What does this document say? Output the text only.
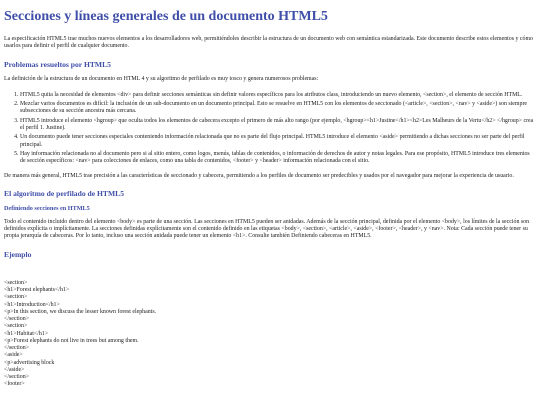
Secciones y líneas generales de un documento HTML5

La especificación HTML5 trae muchos nuevos elementos a los desarrolladores web, permitiéndoles describir la estructura de un documento web con semántica estandarizada. Este documento describe estos elementos y cómo usarlos para definir el perfil de cualquier documento.

Problemas resueltos por HTML5

La definición de la estructura de un documento en HTML 4 y su algoritmo de perfilado es muy tosco y genera numerosos problemas:

1. HTML5 quita la necesidad de elementos <div> para definir secciones semánticas sin definir valores específicos para los atributos class, introduciendo un nuevo elemento, <section>, el elemento de sección HTML.
2. Mezclar varios documentos es difícil: la inclusión de un sub-documento en un documento principal. Esto se resuelve en HTML5 con los elementos de seccionado (<article>, <section>, <nav> y <aside>) son siempre subsecciones de su sección ancestra más cercana.
3. HTML5 introduce el elemento <hgroup> que oculta todos los elementos de cabecera excepto el primero de más alto rango (por ejemplo, <hgroup><h1>Justine</h1><h2>Les Malheurs de la Vertu</h2> </hgroup> crea el perfil 1. Justine).
4. Un documento puede tener secciones especiales conteniendo información relacionada que no es parte del flujo principal. HTML5 introduce el elemento <aside> permitiendo a dichas secciones no ser parte del perfil principal.
5. Hay información relacionada no al documento pero si al sitio entero, como logos, menús, tablas de contenidos, o información de derechos de autor y notas legales. Para ese propósito, HTML5 introduce tres elementos de sección específicos: <nav> para colecciones de enlaces, como una tabla de contenidos, <footer> y <header> información relacionada con el sitio.

De manera más general, HTML5 trae precisión a las características de seccionado y cabecera, permitiendo a los perfiles de documento ser predecibles y usados por el navegador para mejorar la experiencia de usuario.

El algoritmo de perfilado de HTML5
Definiendo secciones en HTML5

Todo el contenido incluido dentro del elemento <body> es parte de una sección. Las secciones en HTML5 pueden ser anidadas. Además de la sección principal, definida por el elemento <body>, los límites de la sección son definidos explícita o implícitamente. La secciones definidas explícitamente son el contenido definido en las etiquetas <body>, <section>, <article>, <aside>, <footer>, <header>, y <nav>. Nota: Cada sección puede tener su propia jerarquía de cabeceras. Por lo tanto, incluso una sección anidada puede tener un elemento <h1>. Consulte también Definiendo cabeceras en HTML5.

Ejemplo
<section>
<h1>Forest elephants</h1>
<section>
<h1>Introduction</h1>
<p>In this section, we discuss the lesser known forest elephants.
</section>
<section>
<h1>Habitat</h1>
<p>Forest elephants do not live in trees but among them.
</section>
<aside>
<p>advertising block
</aside>
</section>
<footer>
